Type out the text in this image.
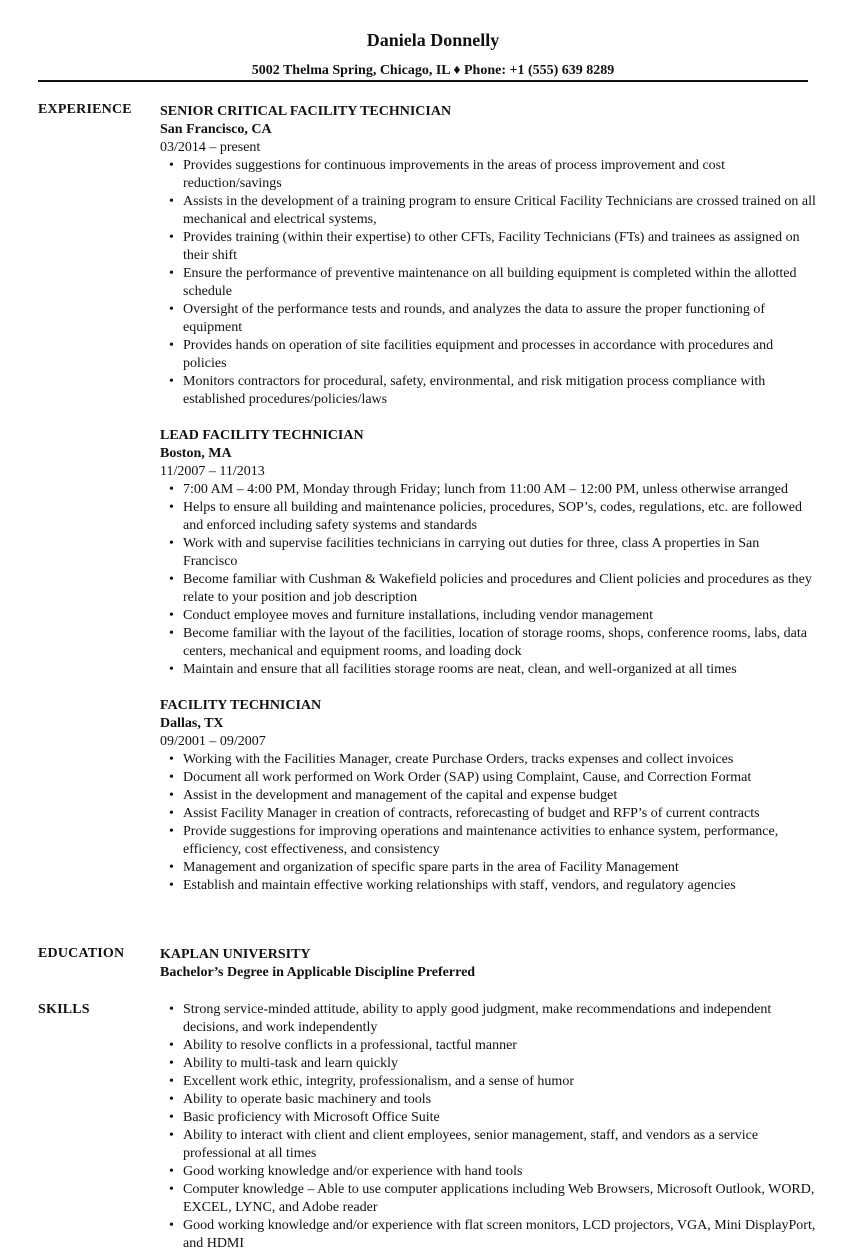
Daniela Donnelly
5002 Thelma Spring, Chicago, IL ♦ Phone: +1 (555) 639 8289
EXPERIENCE SENIOR CRITICAL FACILITY TECHNICIAN
San Francisco, CA
03/2014 – present
• Provides suggestions for continuous improvements in the areas of process improvement and cost reduction/savings
• Assists in the development of a training program to ensure Critical Facility Technicians are crossed trained on all mechanical and electrical systems,
• Provides training (within their expertise) to other CFTs, Facility Technicians (FTs) and trainees as assigned on their shift
• Ensure the performance of preventive maintenance on all building equipment is completed within the allotted schedule
• Oversight of the performance tests and rounds, and analyzes the data to assure the proper functioning of equipment
• Provides hands on operation of site facilities equipment and processes in accordance with procedures and policies
• Monitors contractors for procedural, safety, environmental, and risk mitigation process compliance with established procedures/policies/laws
LEAD FACILITY TECHNICIAN
Boston, MA
11/2007 – 11/2013
• 7:00 AM – 4:00 PM, Monday through Friday; lunch from 11:00 AM – 12:00 PM, unless otherwise arranged
• Helps to ensure all building and maintenance policies, procedures, SOP’s, codes, regulations, etc. are followed and enforced including safety systems and standards
• Work with and supervise facilities technicians in carrying out duties for three, class A properties in San Francisco
• Become familiar with Cushman & Wakefield policies and procedures and Client policies and procedures as they relate to your position and job description
• Conduct employee moves and furniture installations, including vendor management
• Become familiar with the layout of the facilities, location of storage rooms, shops, conference rooms, labs, data centers, mechanical and equipment rooms, and loading dock
• Maintain and ensure that all facilities storage rooms are neat, clean, and well-organized at all times
FACILITY TECHNICIAN
Dallas, TX
09/2001 – 09/2007
• Working with the Facilities Manager, create Purchase Orders, tracks expenses and collect invoices
• Document all work performed on Work Order (SAP) using Complaint, Cause, and Correction Format
• Assist in the development and management of the capital and expense budget
• Assist Facility Manager in creation of contracts, reforecasting of budget and RFP’s of current contracts
• Provide suggestions for improving operations and maintenance activities to enhance system, performance, efficiency, cost effectiveness, and consistency
• Management and organization of specific spare parts in the area of Facility Management
• Establish and maintain effective working relationships with staff, vendors, and regulatory agencies
EDUCATION	KAPLAN UNIVERSITY
Bachelor’s Degree in Applicable Discipline Preferred
SKILLS
•	Strong service-minded attitude, ability to apply good judgment, make recommendations and independent decisions, and work independently
• Ability to resolve conflicts in a professional, tactful manner
• Ability to multi-task and learn quickly
• Excellent work ethic, integrity, professionalism, and a sense of humor
• Ability to operate basic machinery and tools
• Basic proficiency with Microsoft Office Suite
• Ability to interact with client and client employees, senior management, staff, and vendors as a service professional at all times
• Good working knowledge and/or experience with hand tools
• Computer knowledge – Able to use computer applications including Web Browsers, Microsoft Outlook, WORD, EXCEL, LYNC, and Adobe reader
• Good working knowledge and/or experience with flat screen monitors, LCD projectors, VGA, Mini DisplayPort, and HDMI
